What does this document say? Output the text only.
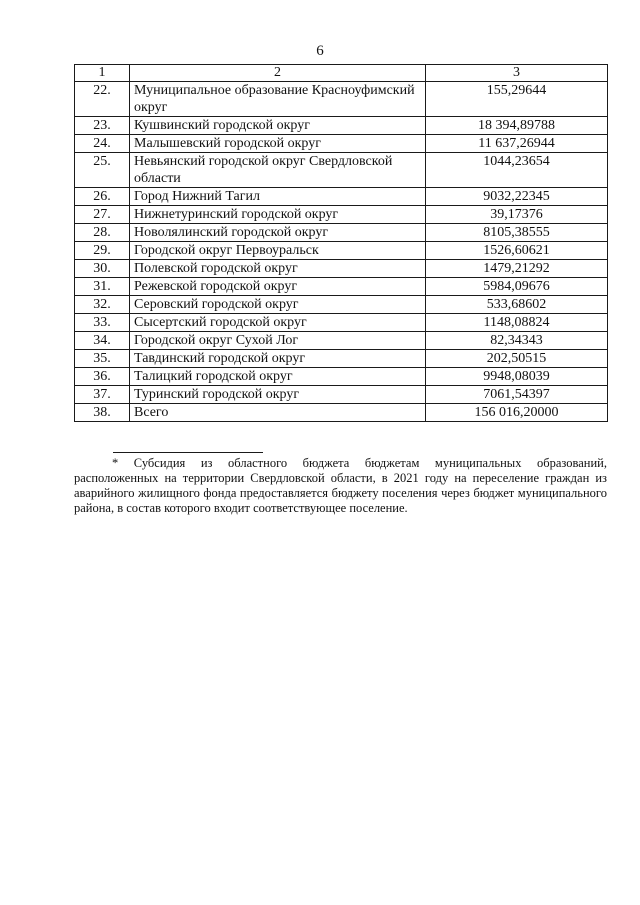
6
1	2	3
22.	Муниципальное образование Красноуфимский округ	155,29644
23.	Кушвинский городской округ	18 394,89788
24.	Малышевский городской округ	11 637,26944
25.	Невьянский городской округ Свердловской области	1044,23654
26.	Город Нижний Тагил	9032,22345
27.	Нижнетуринский городской округ	39,17376
28.	Новолялинский городской округ	8105,38555
29.	Городской округ Первоуральск	1526,60621
30.	Полевской городской округ	1479,21292
31.	Режевской городской округ	5984,09676
32.	Серовский городской округ	533,68602
33.	Сысертский городской округ	1148,08824
34.	Городской округ Сухой Лог	82,34343
35.	Тавдинский городской округ	202,50515
36.	Талицкий городской округ	9948,08039
37.	Туринский городской округ	7061,54397
38.	Всего	156 016,20000

* Субсидия из областного бюджета бюджетам муниципальных образований, расположенных на территории Свердловской области, в 2021 году на переселение граждан из аварийного жилищного фонда предоставляется бюджету поселения через бюджет муниципального района, в состав которого входит соответствующее поселение.
